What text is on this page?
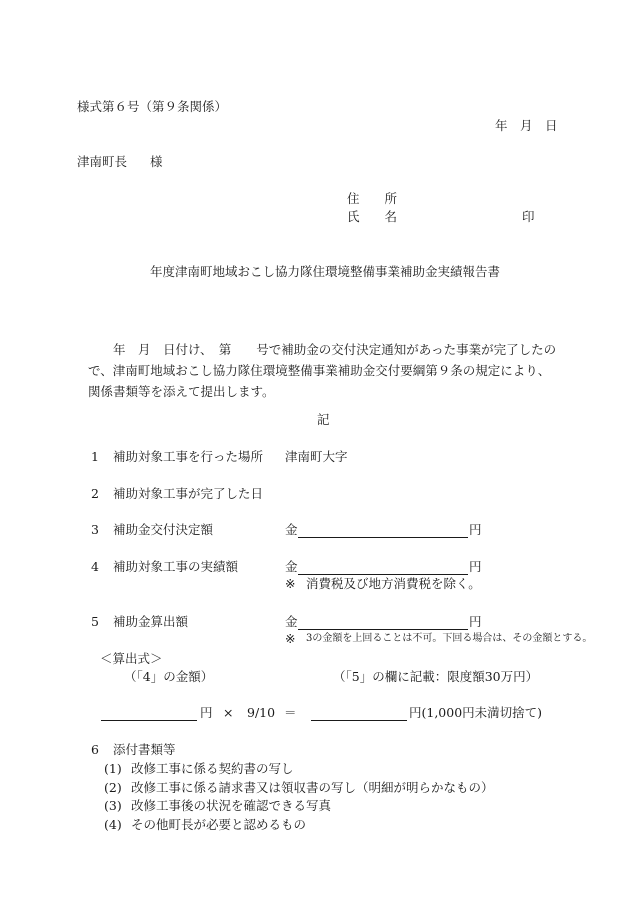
様式第６号（第９条関係）
年 月 日
津南町長 様
住　　所
氏　　名	印
年度津南町地域おこし協力隊住環境整備事業補助金実績報告書
年　月　日付け、　第　　号で補助金の交付決定通知があった事業が完了したので、津南町地域おこし協力隊住環境整備事業補助金交付要綱第９条の規定により、関係書類等を添えて提出します。
記
1 補助対象工事を行った場所 津南町大字
2 補助対象工事が完了した日
3 補助金交付決定額	金	円
4 補助対象工事の実績額	金	円
※ 消費税及び地方消費税を除く。
5 補助金算出額	金	円
※ 3の金額を上回ることは不可。下回る場合は、その金額とする。
＜算出式＞
（「4」の金額）	（「5」の欄に記載：限度額30万円）
円 × 9/10 ＝	円(1,000円未満切捨て)
6 添付書類等
(1) 改修工事に係る契約書の写し
(2) 改修工事に係る請求書又は領収書の写し（明細が明らかなもの）
(3) 改修工事後の状況を確認できる写真
(4) その他町長が必要と認めるもの
